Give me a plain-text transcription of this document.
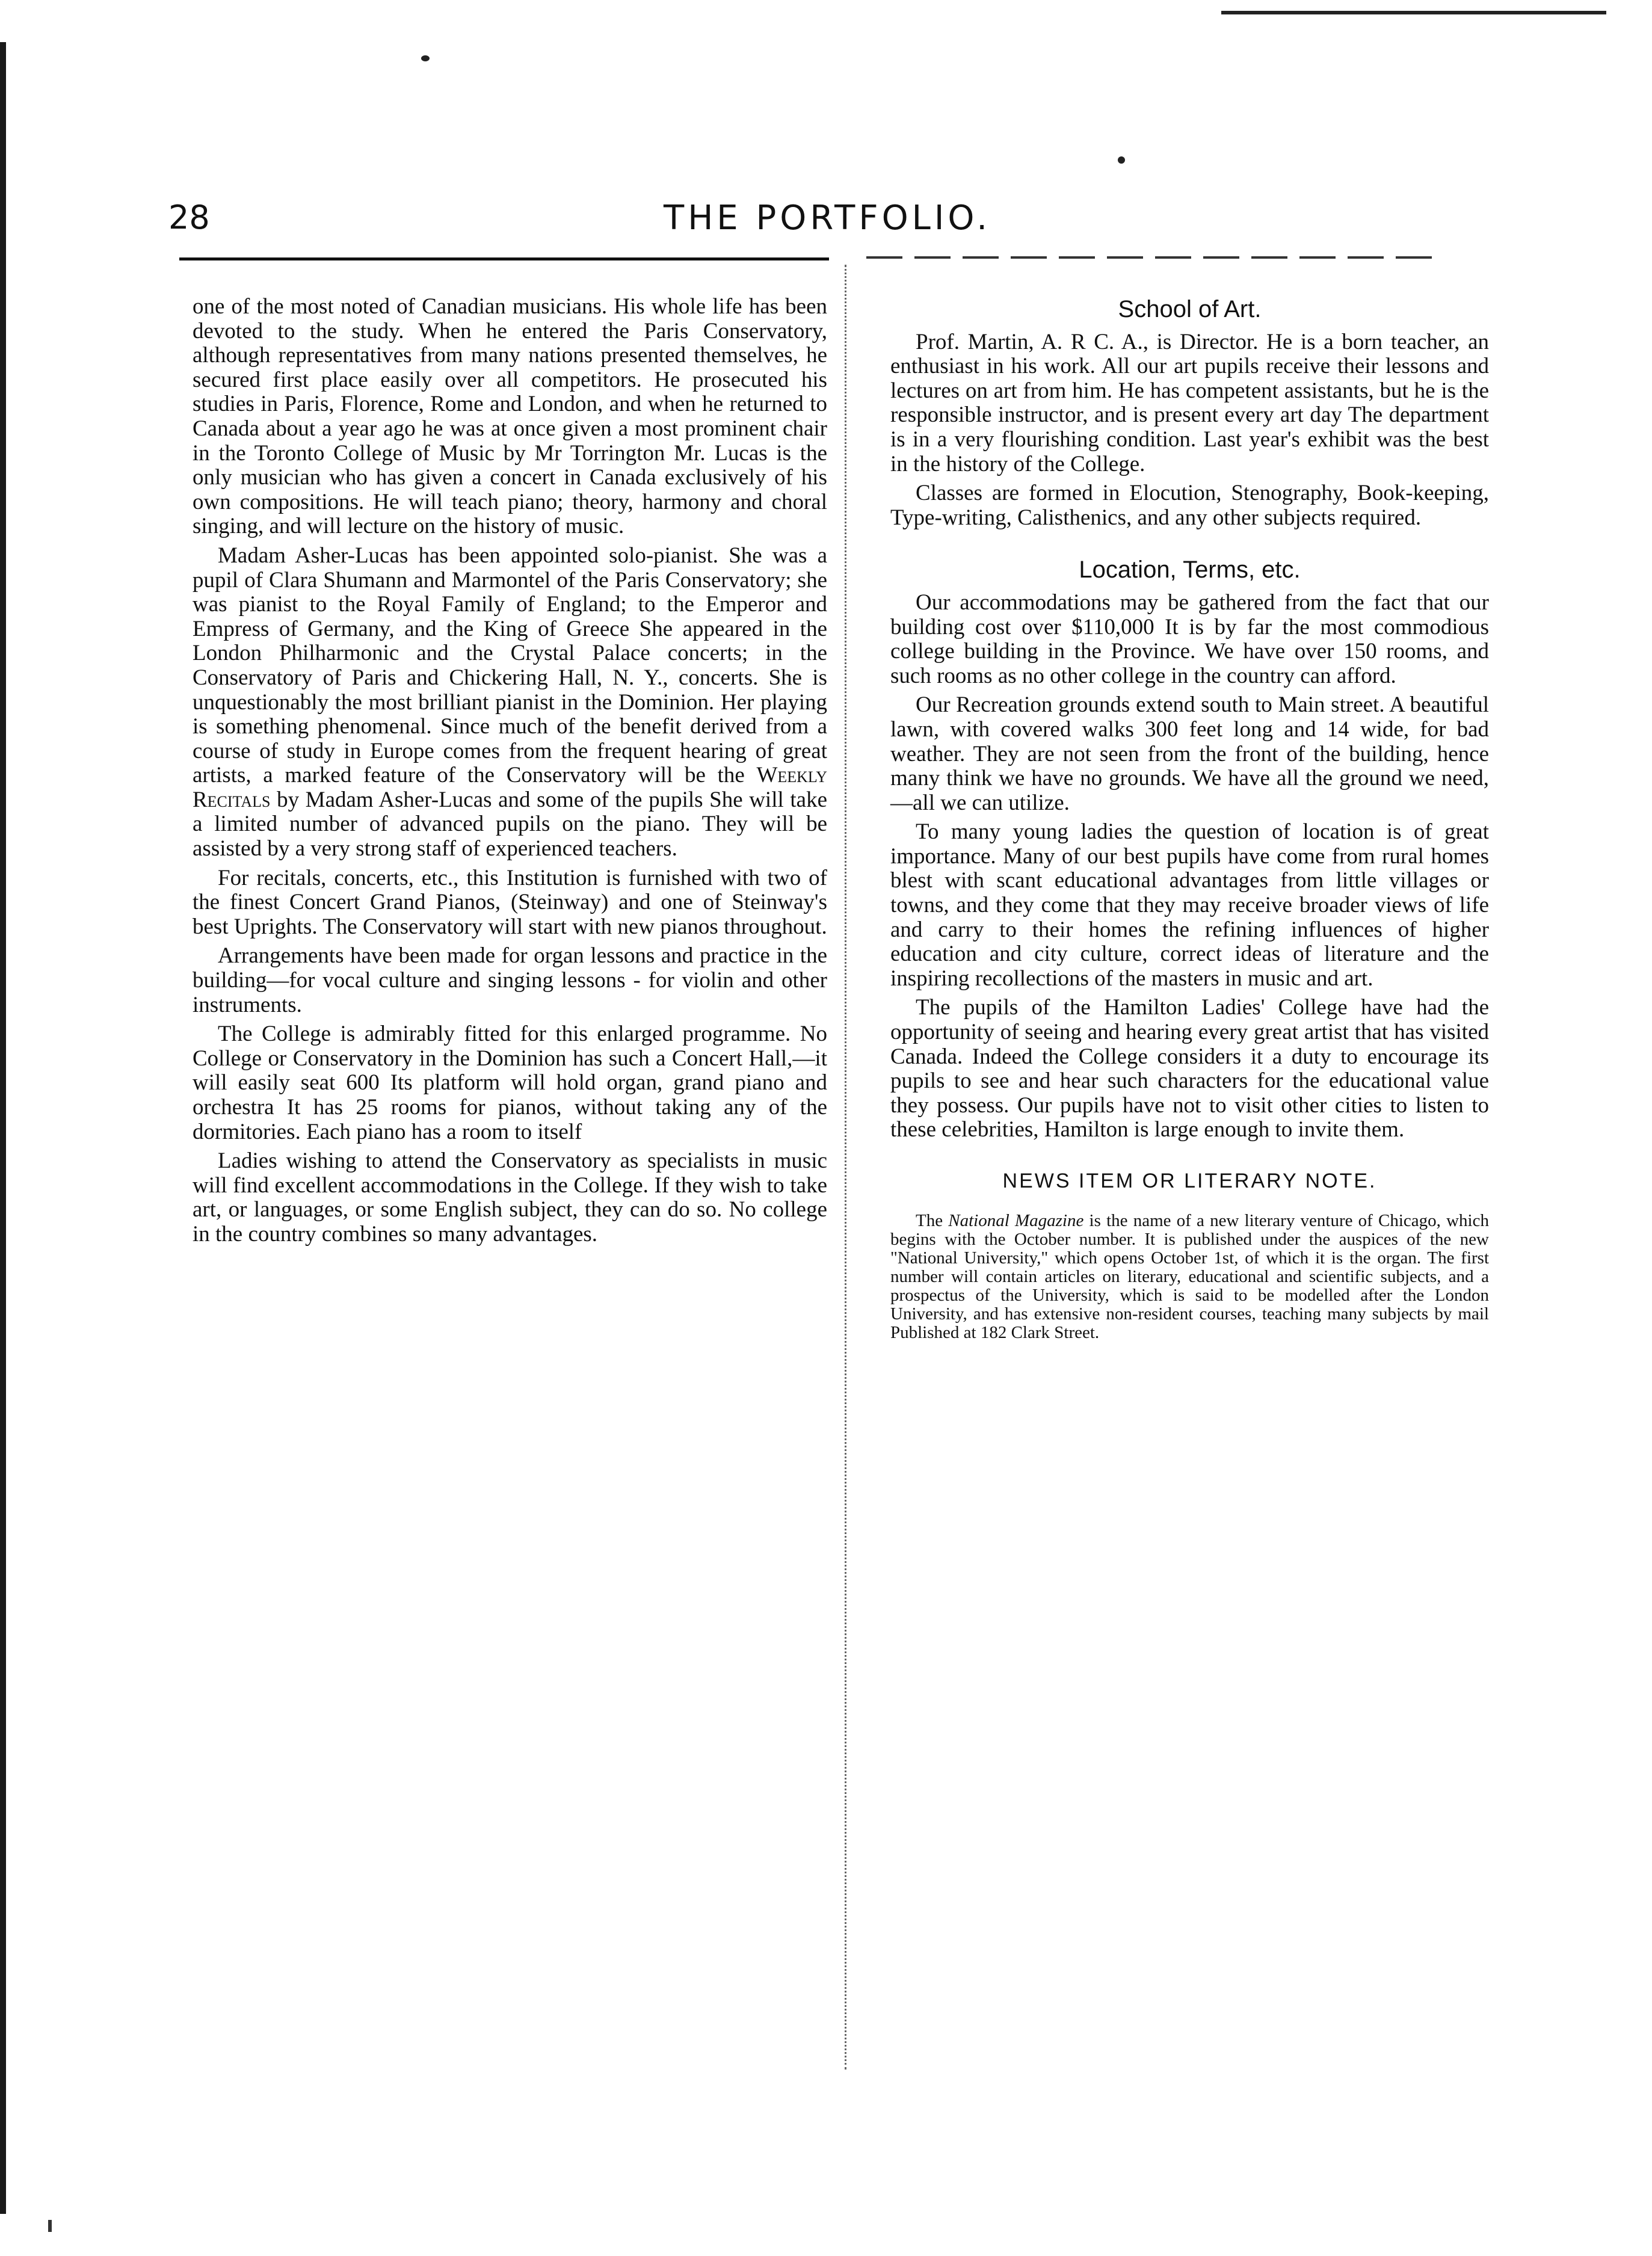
28	THE PORTFOLIO.

one of the most noted of Canadian musicians. His whole life has been devoted to the study. When he entered the Paris Conservatory, although representatives from many nations presented themselves, he secured first place easily over all competitors. He prosecuted his studies in Paris, Florence, Rome and London, and when he returned to Canada about a year ago he was at once given a most prominent chair in the Toronto College of Music by Mr Torrington Mr. Lucas is the only musician who has given a concert in Canada exclusively of his own compositions. He will teach piano; theory, harmony and choral singing, and will lecture on the history of music.

Madam Asher-Lucas has been appointed solo-pianist. She was a pupil of Clara Shumann and Marmontel of the Paris Conservatory; she was pianist to the Royal Family of England; to the Emperor and Empress of Germany, and the King of Greece She appeared in the London Philharmonic and the Crystal Palace concerts; in the Conservatory of Paris and Chickering Hall, N. Y., concerts. She is unquestionably the most brilliant pianist in the Dominion. Her playing is something phenomenal. Since much of the benefit derived from a course of study in Europe comes from the frequent hearing of great artists, a marked feature of the Conservatory will be the Weekly Recitals by Madam Asher-Lucas and some of the pupils She will take a limited number of advanced pupils on the piano. They will be assisted by a very strong staff of experienced teachers.

For recitals, concerts, etc., this Institution is furnished with two of the finest Concert Grand Pianos, (Steinway) and one of Steinway's best Uprights. The Conservatory will start with new pianos throughout.

Arrangements have been made for organ lessons and practice in the building—for vocal culture and singing lessons - for violin and other instruments.

The College is admirably fitted for this enlarged programme. No College or Conservatory in the Dominion has such a Concert Hall,—it will easily seat 600 Its platform will hold organ, grand piano and orchestra It has 25 rooms for pianos, without taking any of the dormitories. Each piano has a room to itself

Ladies wishing to attend the Conservatory as specialists in music will find excellent accommodations in the College. If they wish to take art, or languages, or some English subject, they can do so. No college in the country combines so many advantages.

School of Art.

Prof. Martin, A. R C. A., is Director. He is a born teacher, an enthusiast in his work. All our art pupils receive their lessons and lectures on art from him. He has competent assistants, but he is the responsible instructor, and is present every art day The department is in a very flourishing condition. Last year's exhibit was the best in the history of the College.

Classes are formed in Elocution, Stenography, Book-keeping, Type-writing, Calisthenics, and any other subjects required.

Location, Terms, etc.

Our accommodations may be gathered from the fact that our building cost over $110,000 It is by far the most commodious college building in the Province. We have over 150 rooms, and such rooms as no other college in the country can afford.

Our Recreation grounds extend south to Main street. A beautiful lawn, with covered walks 300 feet long and 14 wide, for bad weather. They are not seen from the front of the building, hence many think we have no grounds. We have all the ground we need,—all we can utilize.

To many young ladies the question of location is of great importance. Many of our best pupils have come from rural homes blest with scant educational advantages from little villages or towns, and they come that they may receive broader views of life and carry to their homes the refining influences of higher education and city culture, correct ideas of literature and the inspiring recollections of the masters in music and art.

The pupils of the Hamilton Ladies' College have had the opportunity of seeing and hearing every great artist that has visited Canada. Indeed the College considers it a duty to encourage its pupils to see and hear such characters for the educational value they possess. Our pupils have not to visit other cities to listen to these celebrities, Hamilton is large enough to invite them.

NEWS ITEM OR LITERARY NOTE.

The National Magazine is the name of a new literary venture of Chicago, which begins with the October number. It is published under the auspices of the new "National University," which opens October 1st, of which it is the organ. The first number will contain articles on literary, educational and scientific subjects, and a prospectus of the University, which is said to be modelled after the London University, and has extensive non-resident courses, teaching many subjects by mail Published at 182 Clark Street.
